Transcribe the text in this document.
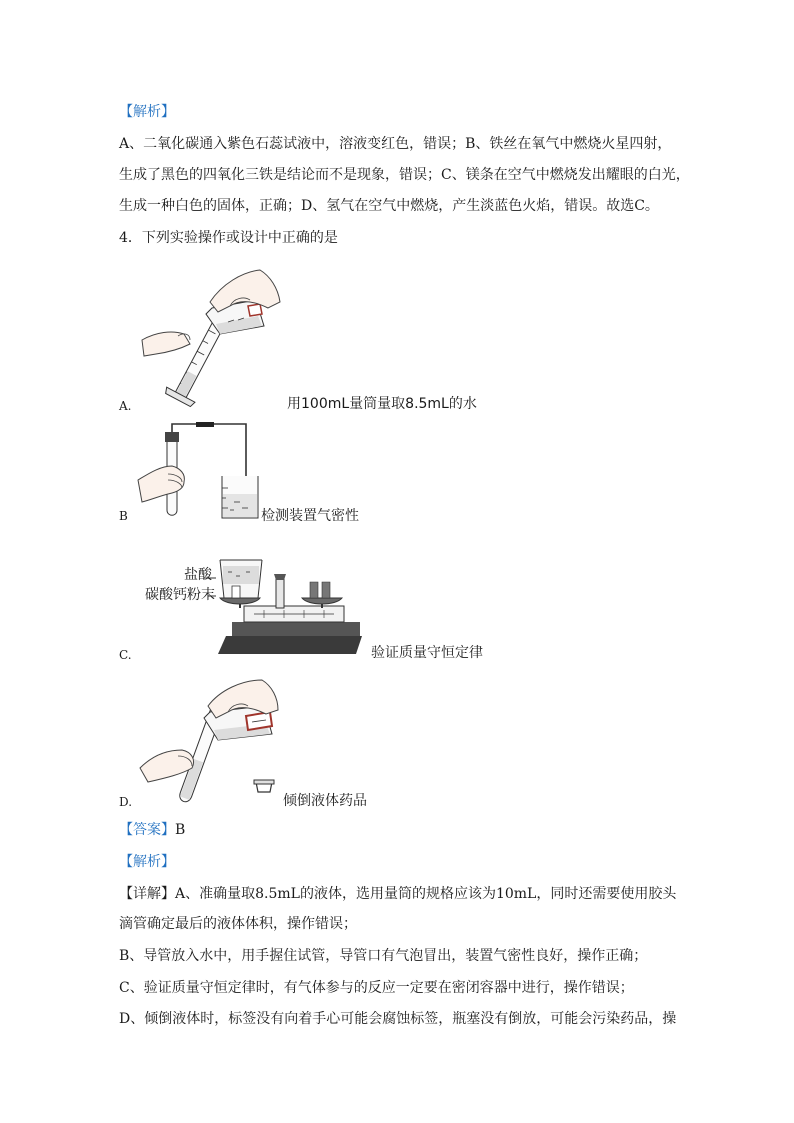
【解析】
A、二氧化碳通入紫色石蕊试液中，溶液变红色，错误；B、铁丝在氧气中燃烧火星四射，
生成了黑色的四氧化三铁是结论而不是现象，错误；C、镁条在空气中燃烧发出耀眼的白光，
生成一种白色的固体，正确；D、氢气在空气中燃烧，产生淡蓝色火焰，错误。故选C。
4．下列实验操作或设计中正确的是
A.	用100mL量筒量取8.5mL的水
B	检测装置气密性
盐酸
碳酸钙粉末
C.	验证质量守恒定律
D.	倾倒液体药品
【答案】B
【解析】
【详解】A、准确量取8.5mL的液体，选用量筒的规格应该为10mL，同时还需要使用胶头
滴管确定最后的液体体积，操作错误；
B、导管放入水中，用手握住试管，导管口有气泡冒出，装置气密性良好，操作正确；
C、验证质量守恒定律时，有气体参与的反应一定要在密闭容器中进行，操作错误；
D、倾倒液体时，标签没有向着手心可能会腐蚀标签，瓶塞没有倒放，可能会污染药品，操
